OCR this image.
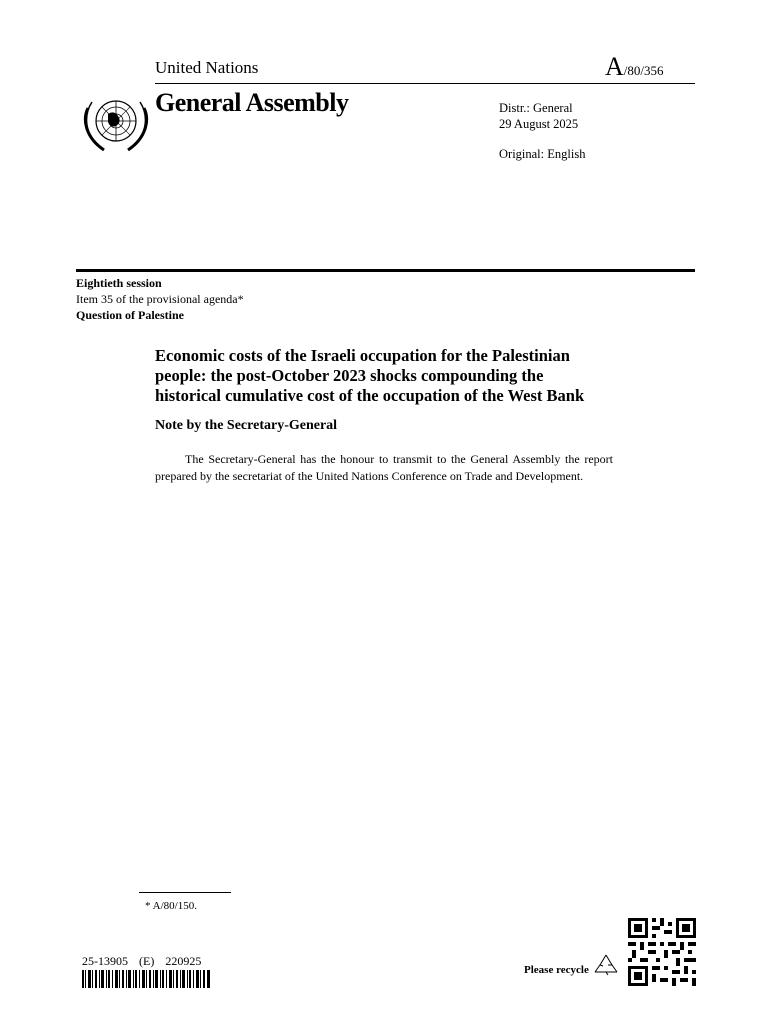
United Nations	A/80/356
General Assembly	Distr.: General
29 August 2025
Original: English
Eightieth session
Item 35 of the provisional agenda*
Question of Palestine
Economic costs of the Israeli occupation for the Palestinian
people: the post-October 2023 shocks compounding the
historical cumulative cost of the occupation of the West Bank
Note by the Secretary-General
The Secretary-General has the honour to transmit to the General Assembly the report prepared by the secretariat of the United Nations Conference on Trade and Development.
* A/80/150.
25-13905 (E) 220925
Please recycle
